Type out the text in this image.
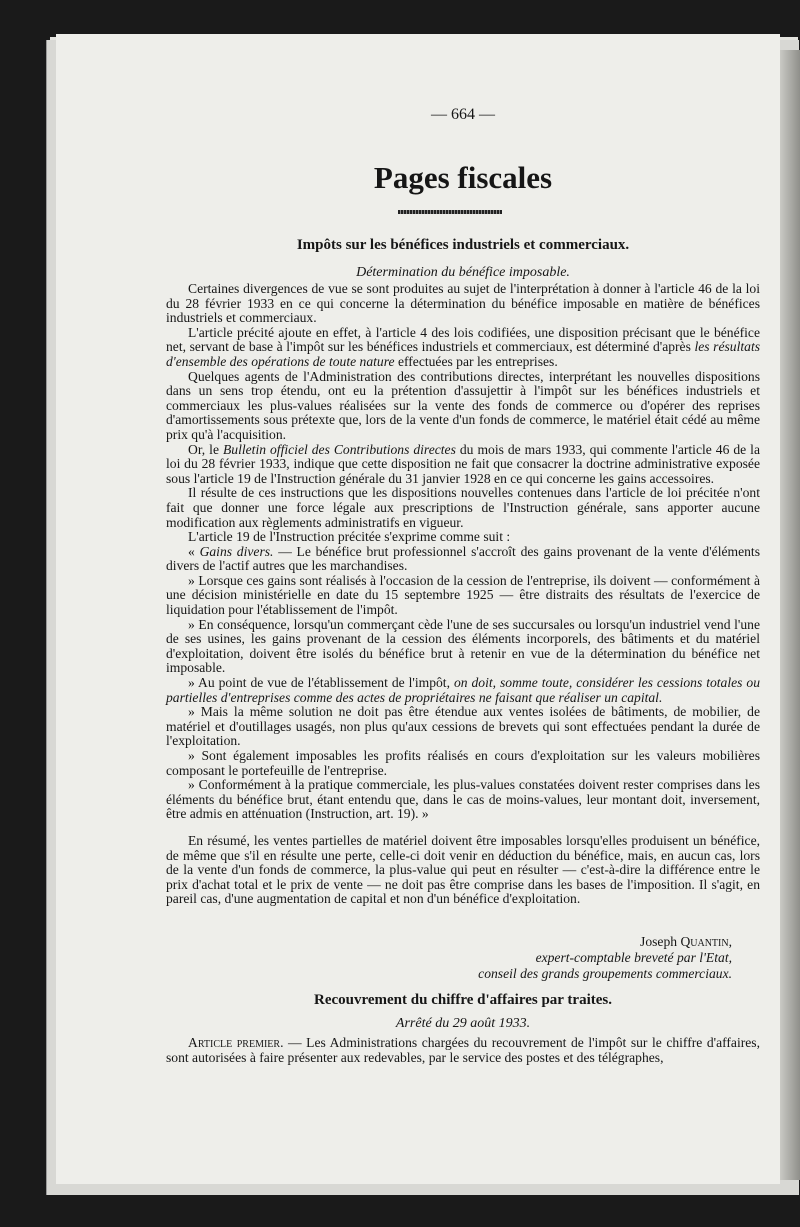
— 664 —
Pages fiscales
Impôts sur les bénéfices industriels et commerciaux.
Détermination du bénéfice imposable.

Certaines divergences de vue se sont produites au sujet de l'interprétation à donner à l'article 46 de la loi du 28 février 1933 en ce qui concerne la détermination du bénéfice imposable en matière de bénéfices industriels et commerciaux.

L'article précité ajoute en effet, à l'article 4 des lois codifiées, une disposition précisant que le bénéfice net, servant de base à l'impôt sur les bénéfices industriels et commerciaux, est déterminé d'après les résultats d'ensemble des opérations de toute nature effectuées par les entreprises.

Quelques agents de l'Administration des contributions directes, interprétant les nouvelles dispositions dans un sens trop étendu, ont eu la prétention d'assujettir à l'impôt sur les bénéfices industriels et commerciaux les plus-values réalisées sur la vente des fonds de commerce ou d'opérer des reprises d'amortissements sous prétexte que, lors de la vente d'un fonds de commerce, le matériel était cédé au même prix qu'à l'acquisition.

Or, le Bulletin officiel des Contributions directes du mois de mars 1933, qui commente l'article 46 de la loi du 28 février 1933, indique que cette disposition ne fait que consacrer la doctrine administrative exposée sous l'article 19 de l'Instruction générale du 31 janvier 1928 en ce qui concerne les gains accessoires.

Il résulte de ces instructions que les dispositions nouvelles contenues dans l'article de loi précitée n'ont fait que donner une force légale aux prescriptions de l'Instruction générale, sans apporter aucune modification aux règlements administratifs en vigueur.

L'article 19 de l'Instruction précitée s'exprime comme suit :

« Gains divers. — Le bénéfice brut professionnel s'accroît des gains provenant de la vente d'éléments divers de l'actif autres que les marchandises.

» Lorsque ces gains sont réalisés à l'occasion de la cession de l'entreprise, ils doivent — conformément à une décision ministérielle en date du 15 septembre 1925 — être distraits des résultats de l'exercice de liquidation pour l'établissement de l'impôt.

» En conséquence, lorsqu'un commerçant cède l'une de ses succursales ou lorsqu'un industriel vend l'une de ses usines, les gains provenant de la cession des éléments incorporels, des bâtiments et du matériel d'exploitation, doivent être isolés du bénéfice brut à retenir en vue de la détermination du bénéfice net imposable.

» Au point de vue de l'établissement de l'impôt, on doit, somme toute, considérer les cessions totales ou partielles d'entreprises comme des actes de propriétaires ne faisant que réaliser un capital.

» Mais la même solution ne doit pas être étendue aux ventes isolées de bâtiments, de mobilier, de matériel et d'outillages usagés, non plus qu'aux cessions de brevets qui sont effectuées pendant la durée de l'exploitation.

» Sont également imposables les profits réalisés en cours d'exploitation sur les valeurs mobilières composant le portefeuille de l'entreprise.

» Conformément à la pratique commerciale, les plus-values constatées doivent rester comprises dans les éléments du bénéfice brut, étant entendu que, dans le cas de moins-values, leur montant doit, inversement, être admis en atténuation (Instruction, art. 19). »

En résumé, les ventes partielles de matériel doivent être imposables lorsqu'elles produisent un bénéfice, de même que s'il en résulte une perte, celle-ci doit venir en déduction du bénéfice, mais, en aucun cas, lors de la vente d'un fonds de commerce, la plus-value qui peut en résulter — c'est-à-dire la différence entre le prix d'achat total et le prix de vente — ne doit pas être comprise dans les bases de l'imposition. Il s'agit, en pareil cas, d'une augmentation de capital et non d'un bénéfice d'exploitation.

Joseph Quantin,
expert-comptable breveté par l'Etat,
conseil des grands groupements commerciaux.
Recouvrement du chiffre d'affaires par traites.
Arrêté du 29 août 1933.

Article premier. — Les Administrations chargées du recouvrement de l'impôt sur le chiffre d'affaires, sont autorisées à faire présenter aux redevables, par le service des postes et des télégraphes,
